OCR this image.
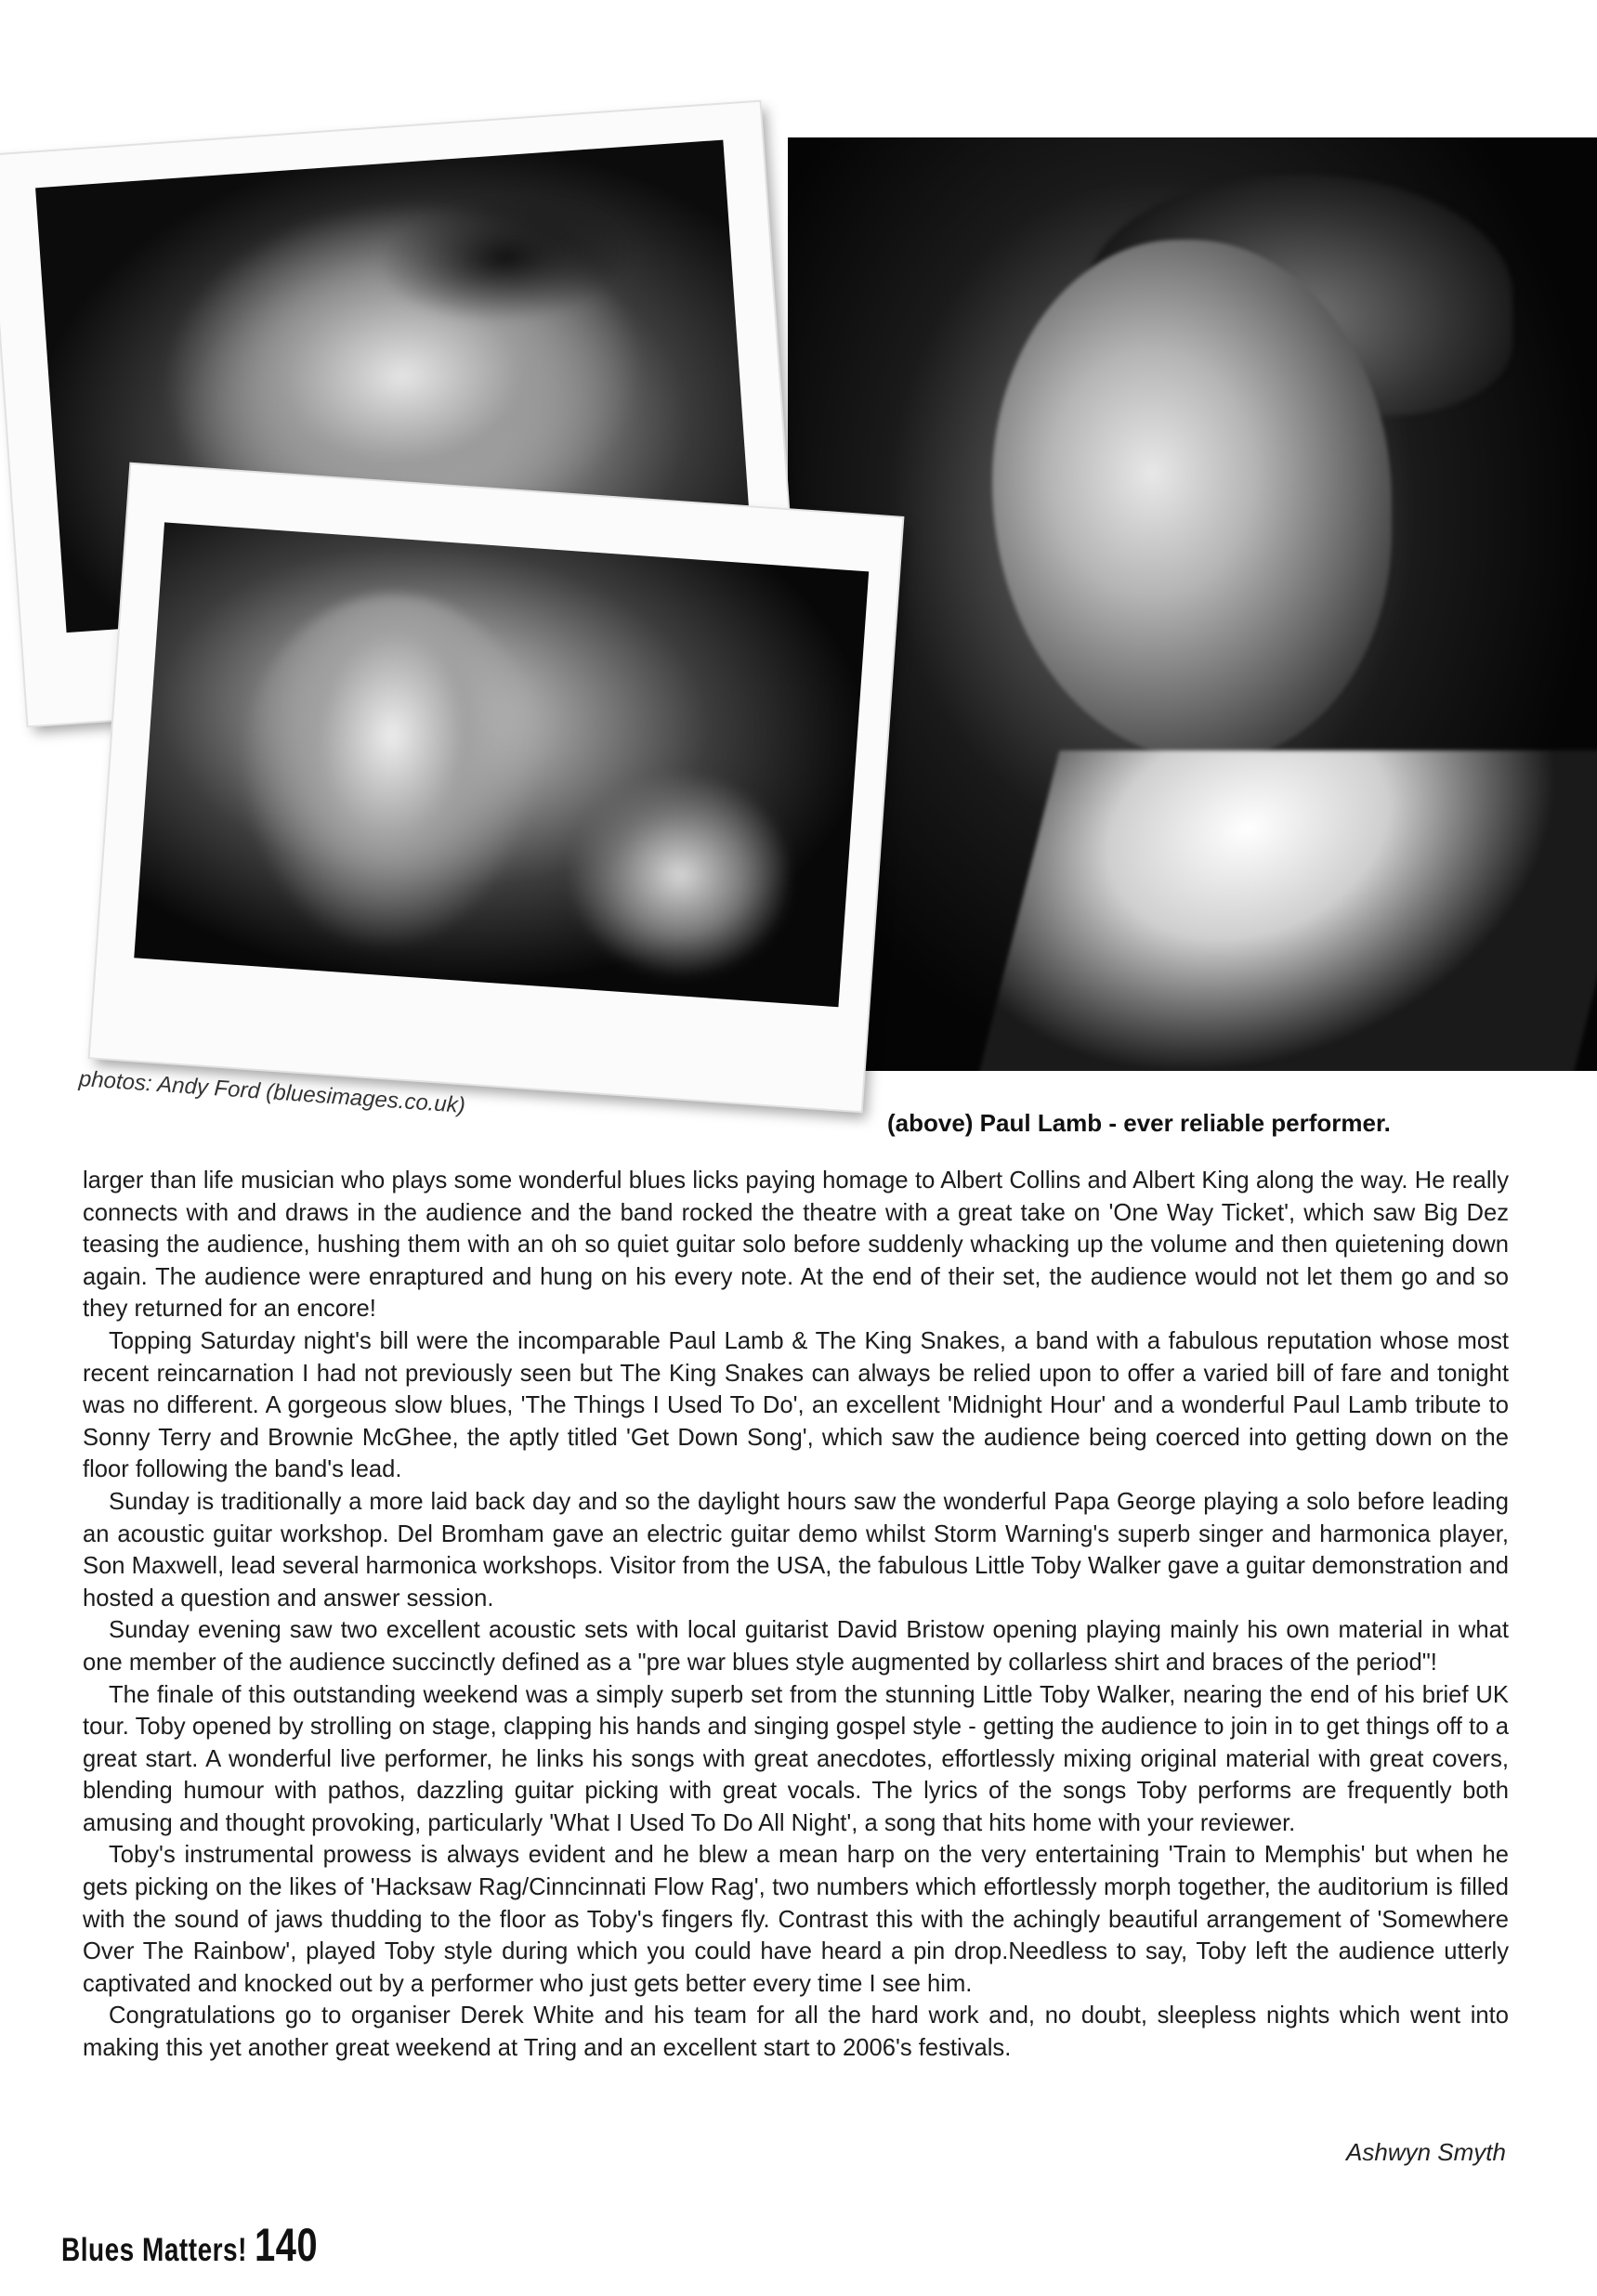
photos: Andy Ford (bluesimages.co.uk)
(above) Paul Lamb - ever reliable performer.

larger than life musician who plays some wonderful blues licks paying homage to Albert Collins and Albert King along the way. He really connects with and draws in the audience and the band rocked the theatre with a great take on 'One Way Ticket', which saw Big Dez teasing the audience, hushing them with an oh so quiet guitar solo before suddenly whacking up the volume and then quietening down again. The audience were enraptured and hung on his every note. At the end of their set, the audience would not let them go and so they returned for an encore!

Topping Saturday night's bill were the incomparable Paul Lamb & The King Snakes, a band with a fabulous reputation whose most recent reincarnation I had not previously seen but The King Snakes can always be relied upon to offer a varied bill of fare and tonight was no different. A gorgeous slow blues, 'The Things I Used To Do', an excellent 'Midnight Hour' and a wonderful Paul Lamb tribute to Sonny Terry and Brownie McGhee, the aptly titled 'Get Down Song', which saw the audience being coerced into getting down on the floor following the band's lead.

Sunday is traditionally a more laid back day and so the daylight hours saw the wonderful Papa George playing a solo before leading an acoustic guitar workshop. Del Bromham gave an electric guitar demo whilst Storm Warning's superb singer and harmonica player, Son Maxwell, lead several harmonica workshops. Visitor from the USA, the fabulous Little Toby Walker gave a guitar demonstration and hosted a question and answer session.

Sunday evening saw two excellent acoustic sets with local guitarist David Bristow opening playing mainly his own material in what one member of the audience succinctly defined as a "pre war blues style augmented by collarless shirt and braces of the period"!

The finale of this outstanding weekend was a simply superb set from the stunning Little Toby Walker, nearing the end of his brief UK tour. Toby opened by strolling on stage, clapping his hands and singing gospel style - getting the audience to join in to get things off to a great start. A wonderful live performer, he links his songs with great anecdotes, effortlessly mixing original material with great covers, blending humour with pathos, dazzling guitar picking with great vocals. The lyrics of the songs Toby performs are frequently both amusing and thought provoking, particularly 'What I Used To Do All Night', a song that hits home with your reviewer.

Toby's instrumental prowess is always evident and he blew a mean harp on the very entertaining 'Train to Memphis' but when he gets picking on the likes of 'Hacksaw Rag/Cinncinnati Flow Rag', two numbers which effortlessly morph together, the auditorium is filled with the sound of jaws thudding to the floor as Toby's fingers fly. Contrast this with the achingly beautiful arrangement of 'Somewhere Over The Rainbow', played Toby style during which you could have heard a pin drop.Needless to say, Toby left the audience utterly captivated and knocked out by a performer who just gets better every time I see him.

Congratulations go to organiser Derek White and his team for all the hard work and, no doubt, sleepless nights which went into making this yet another great weekend at Tring and an excellent start to 2006's festivals.

Ashwyn Smyth
Blues Matters! 140
